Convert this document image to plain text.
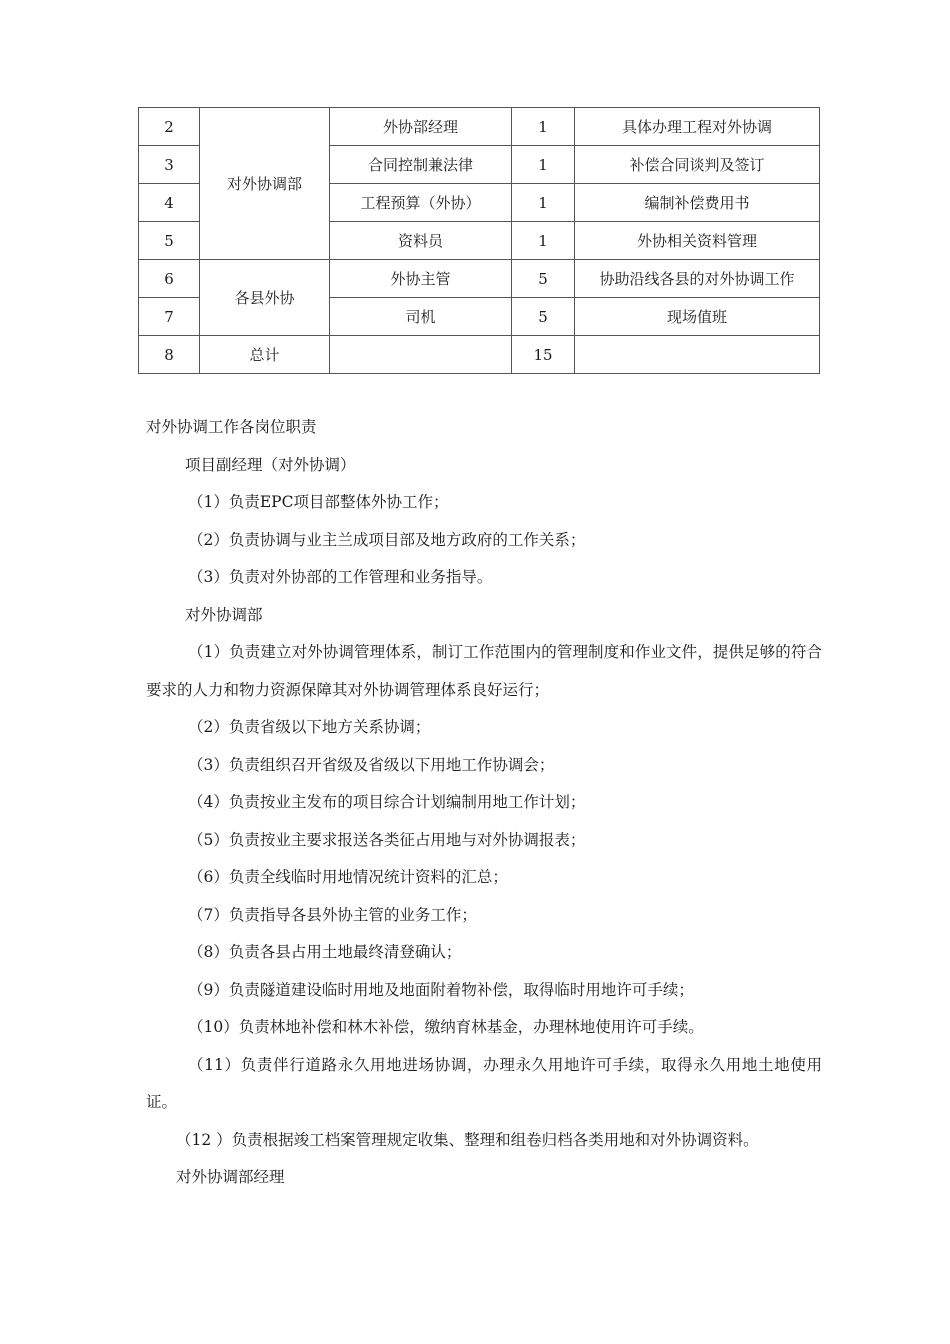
2	对外协调部	外协部经理	1	具体办理工程对外协调
3		合同控制兼法律	1	补偿合同谈判及签订
4		工程预算（外协）	1	编制补偿费用书
5		资料员	1	外协相关资料管理
6	各县外协	外协主管	5	协助沿线各县的对外协调工作
7		司机	5	现场值班
8	总计		15	

对外协调工作各岗位职责

项目副经理（对外协调）

（1）负责EPC项目部整体外协工作；

（2）负责协调与业主兰成项目部及地方政府的工作关系；

（3）负责对外协部的工作管理和业务指导。

对外协调部

（1）负责建立对外协调管理体系，制订工作范围内的管理制度和作业文件，提供足够的符合要求的人力和物力资源保障其对外协调管理体系良好运行；

（2）负责省级以下地方关系协调；

（3）负责组织召开省级及省级以下用地工作协调会；

（4）负责按业主发布的项目综合计划编制用地工作计划；

（5）负责按业主要求报送各类征占用地与对外协调报表；

（6）负责全线临时用地情况统计资料的汇总；

（7）负责指导各县外协主管的业务工作；

（8）负责各县占用土地最终清登确认；

（9）负责隧道建设临时用地及地面附着物补偿，取得临时用地许可手续；

（10）负责林地补偿和林木补偿，缴纳育林基金，办理林地使用许可手续。

（11）负责伴行道路永久用地进场协调，办理永久用地许可手续，取得永久用地土地使用证。

（12 ）负责根据竣工档案管理规定收集、整理和组卷归档各类用地和对外协调资料。

对外协调部经理
